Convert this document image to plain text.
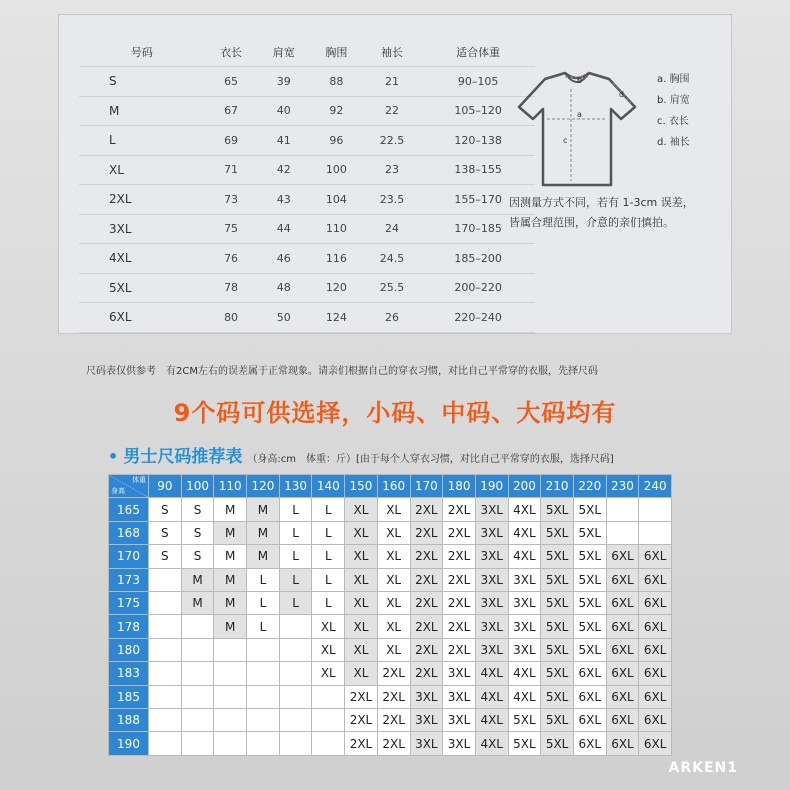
号码	衣长	肩宽	胸围	袖长	适合体重
S	65	39	88	21	90–105
M	67	40	92	22	105–120
L	69	41	96	22.5	120–138
XL	71	42	100	23	138–155
2XL	73	43	104	23.5	155–170
3XL	75	44	110	24	170–185
4XL	76	46	116	24.5	185–200
5XL	78	48	120	25.5	200–220
6XL	80	50	124	26	220–240
a
b
c
d
a. 胸围
b. 肩宽
c. 衣长
d. 袖长
因测量方式不同，若有 1-3cm 误差，
皆属合理范围，介意的亲们慎拍。
尺码表仅供参考　有2CM左右的误差属于正常现象。请亲们根据自己的穿衣习惯，对比自己平常穿的衣服，先择尺码
9个码可供选择，小码、中码、大码均有
• 男士尺码推荐表 （身高:cm　体重：斤）[由于每个人穿衣习惯，对比自己平常穿的衣服，选择尺码]
体重
身高	90	100	110	120	130	140	150	160	170	180	190	200	210	220	230	240
165	S	S	M	M	L	L	XL	XL	2XL	2XL	3XL	4XL	5XL	5XL		
168	S	S	M	M	L	L	XL	XL	2XL	2XL	3XL	4XL	5XL	5XL		
170	S	S	M	M	L	L	XL	XL	2XL	2XL	3XL	4XL	5XL	5XL	6XL	6XL
173		M	M	L	L	L	XL	XL	2XL	2XL	3XL	3XL	5XL	5XL	6XL	6XL
175		M	M	L	L	L	XL	XL	2XL	2XL	3XL	3XL	5XL	5XL	6XL	6XL
178			M	L		XL	XL	XL	2XL	2XL	3XL	3XL	5XL	5XL	6XL	6XL
180						XL	XL	XL	2XL	2XL	3XL	3XL	5XL	5XL	6XL	6XL
183						XL	XL	2XL	2XL	3XL	4XL	4XL	5XL	6XL	6XL	6XL
185							2XL	2XL	3XL	3XL	4XL	4XL	5XL	6XL	6XL	6XL
188							2XL	2XL	3XL	3XL	4XL	5XL	5XL	6XL	6XL	6XL
190							2XL	2XL	3XL	3XL	4XL	5XL	5XL	6XL	6XL	6XL
ARKEN1
